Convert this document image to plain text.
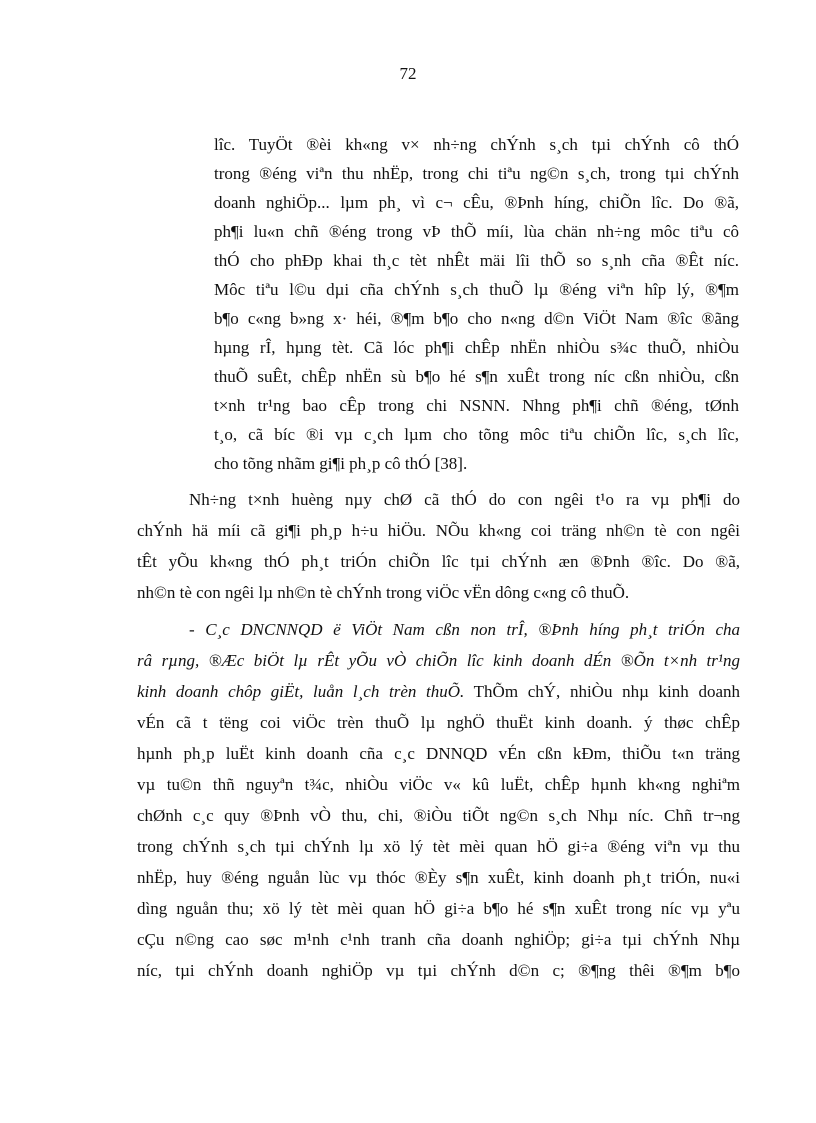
72

lîc. TuyÖt ®èi kh«ng v× nh÷ng chÝnh s¸ch tµi chÝnh cô thÓ

trong ®éng viªn thu nhËp, trong chi tiªu ng©n s¸ch, trong tµi chÝnh

doanh nghiÖp... lµm ph¸ vì c¬ cÊu, ®Þnh híng, chiÕn lîc. Do ®ã,

ph¶i lu«n chñ ®éng trong vÞ thÕ míi, lùa chän nh÷ng môc tiªu cô

thÓ cho phÐp khai th¸c tèt nhÊt mäi lîi thÕ so s¸nh cña ®Êt níc.

Môc tiªu l©u dµi cña chÝnh s¸ch thuÕ lµ ®éng viªn hîp lý, ®¶m

b¶o c«ng b»ng x· héi, ®¶m b¶o cho n«ng d©n ViÖt Nam ®îc ®ãng

hµng rÎ, hµng tèt. Cã lóc ph¶i chÊp nhËn nhiÒu s¾c thuÕ, nhiÒu

thuÕ suÊt, chÊp nhËn sù b¶o hé s¶n xuÊt trong níc cßn nhiÒu, cßn

t×nh tr¹ng bao cÊp trong chi NSNN. Nhng ph¶i chñ ®éng, tØnh

t¸o, cã bíc ®i vµ c¸ch lµm cho tõng môc tiªu chiÕn lîc, s¸ch lîc,

cho tõng nhãm gi¶i ph¸p cô thÓ [38].

Nh÷ng t×nh huèng nµy chØ cã thÓ do con ngêi t¹o ra vµ ph¶i do

chÝnh hä míi cã gi¶i ph¸p h÷u hiÖu. NÕu kh«ng coi träng nh©n tè con ngêi

tÊt yÕu kh«ng thÓ ph¸t triÓn chiÕn lîc tµi chÝnh æn ®Þnh ®îc. Do ®ã,

nh©n tè con ngêi lµ nh©n tè chÝnh trong viÖc vËn dông c«ng cô thuÕ.

- C¸c DNCNNQD ë ViÖt Nam cßn non trÎ, ®Þnh híng ph¸t triÓn cha

râ rµng, ®Æc biÖt lµ rÊt yÕu vÒ chiÕn lîc kinh doanh dÉn ®Õn t×nh tr¹ng

kinh doanh chôp giËt, luån l¸ch trèn thuÕ. ThÕm chÝ, nhiÒu nhµ kinh doanh

vÉn cã t tëng coi viÖc trèn thuÕ lµ nghÖ thuËt kinh doanh. ý thøc chÊp

hµnh ph¸p luËt kinh doanh cña c¸c DNNQD vÉn cßn kÐm, thiÕu t«n träng

vµ tu©n thñ nguyªn t¾c, nhiÒu viÖc v« kû luËt, chÊp hµnh kh«ng nghiªm

chØnh c¸c quy ®Þnh vÒ thu, chi, ®iÒu tiÕt ng©n s¸ch Nhµ níc. Chñ tr¬ng

trong chÝnh s¸ch tµi chÝnh lµ xö lý tèt mèi quan hÖ gi÷a ®éng viªn vµ thu

nhËp, huy ®éng nguån lùc vµ thóc ®Èy s¶n xuÊt, kinh doanh ph¸t triÓn, nu«i

dìng nguån thu; xö lý tèt mèi quan hÖ gi÷a b¶o hé s¶n xuÊt trong níc vµ yªu

cÇu n©ng cao søc m¹nh c¹nh tranh cña doanh nghiÖp; gi÷a tµi chÝnh Nhµ

níc, tµi chÝnh doanh nghiÖp vµ tµi chÝnh d©n c; ®¶ng thêi ®¶m b¶o
